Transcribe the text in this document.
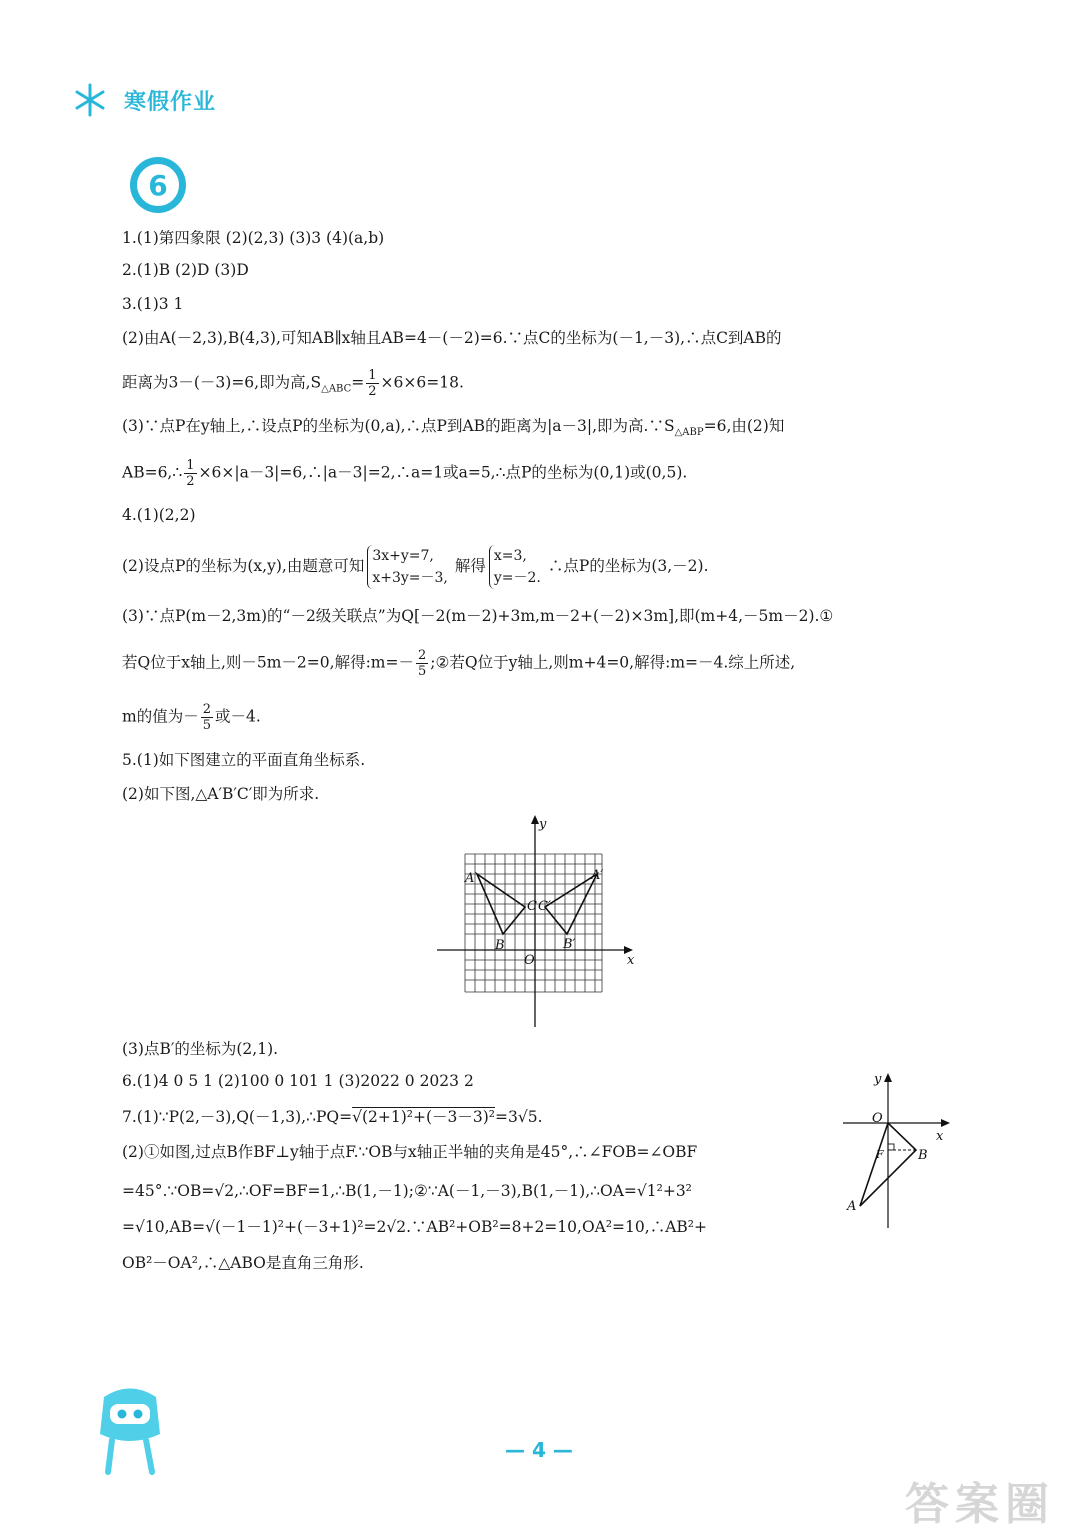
寒假作业
6
1.(1)第四象限 (2)(2,3) (3)3 (4)(a,b)
2.(1)B (2)D (3)D
3.(1)3 1
(2)由A(－2,3),B(4,3),可知AB∥x轴且AB=4－(－2)=6.∵点C的坐标为(－1,－3),∴点C到AB的
距离为3－(－3)=6,即为高$,S_{\triangle ABC}= \frac{1}{2} \times 6\times 6=18$.
(3)∵点P在y轴上,∴设点P的坐标为(0,a),∴点P到AB的距离为|a－3|,即为高$.\because S_{\triangle ABP}=6$,由(2)知
AB=6,∴ $\frac{1}{2}$ ×6×|a－3|=6,∴|a－3|=2,∴a=1或a=5,∴点P的坐标为(0,1)或(0,5).
4.(1)(2,2)
(2)设点P的坐标为(x,y),由题意可知
3x+y=7,
x+3y=－3,
解得
x=3,
y=－2.
∴点P的坐标为(3,－2).
(3)∵点P(m－2,3m)的“－2级关联点”为Q[－2(m－2)+3m,m－2+(－2)×3m],即(m+4,－5m－2).①
若Q位于x轴上,则－5m－2=0,解得:m=－ $\frac{2}{5}$ ;②若Q位于y轴上,则m+4=0,解得:m=－4.综上所述,
m的值为－ $\frac{2}{5}$ 或－4.
5.(1)如下图建立的平面直角坐标系.
(2)如下图,△A′B′C′即为所求.
y
x
O
A
B
C C′
A′
B′
(3)点B′的坐标为(2,1).
6.(1)4 0 5 1 (2)100 0 101 1 (3)2022 0 2023 2
7.(1)∵P(2,－3),Q(－1,3),∴PQ=√(2+1)²+(－3－3)²=3√5.
(2)①如图,过点B作BF⊥y轴于点F.∵OB与x轴正半轴的夹角是45°,∴∠FOB=∠OBF
=45°.∵OB=√2,∴OF=BF=1,∴B(1,－1);②∵A(－1,－3),B(1,－1),∴OA=√1²+3²
=√10,AB=√(－1－1)²+(－3+1)²=2√2.∵AB²+OB²=8+2=10,OA²=10,∴AB²+
OB²－OA²,∴△ABO是直角三角形.
y
x
O
B
A
F
— 4 —
答案圈
